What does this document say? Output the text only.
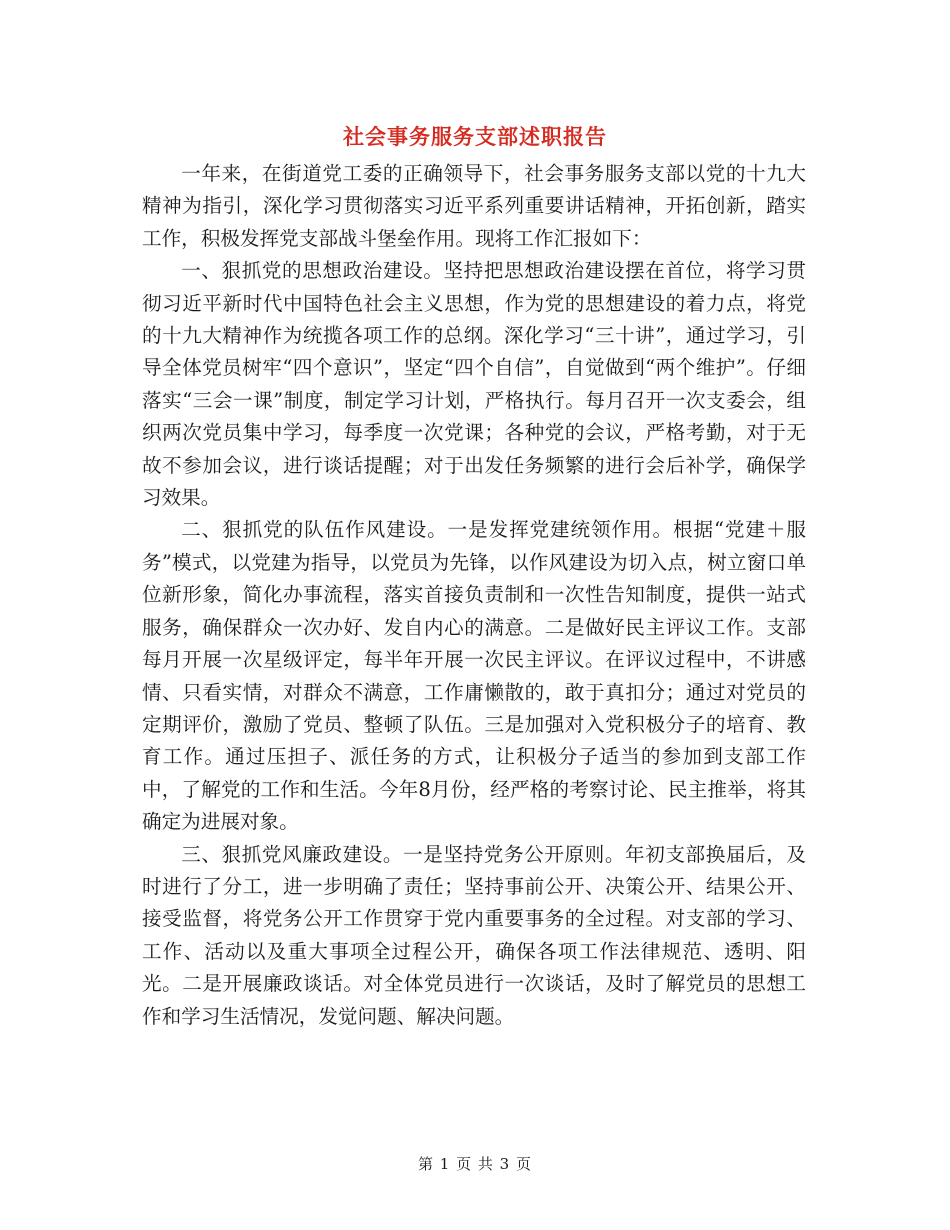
社会事务服务支部述职报告

一年来，在街道党工委的正确领导下，社会事务服务支部以党的十九大精神为指引，深化学习贯彻落实习近平系列重要讲话精神，开拓创新，踏实工作，积极发挥党支部战斗堡垒作用。现将工作汇报如下：

一、狠抓党的思想政治建设。坚持把思想政治建设摆在首位，将学习贯彻习近平新时代中国特色社会主义思想，作为党的思想建设的着力点，将党的十九大精神作为统揽各项工作的总纲。深化学习“三十讲”，通过学习，引导全体党员树牢“四个意识”，坚定“四个自信”，自觉做到“两个维护”。仔细落实“三会一课”制度，制定学习计划，严格执行。每月召开一次支委会，组织两次党员集中学习，每季度一次党课；各种党的会议，严格考勤，对于无故不参加会议，进行谈话提醒；对于出发任务频繁的进行会后补学，确保学习效果。

二、狠抓党的队伍作风建设。一是发挥党建统领作用。根据“党建＋服务”模式，以党建为指导，以党员为先锋，以作风建设为切入点，树立窗口单位新形象，简化办事流程，落实首接负责制和一次性告知制度，提供一站式服务，确保群众一次办好、发自内心的满意。二是做好民主评议工作。支部每月开展一次星级评定，每半年开展一次民主评议。在评议过程中，不讲感情、只看实情，对群众不满意，工作庸懒散的，敢于真扣分；通过对党员的定期评价，激励了党员、整顿了队伍。三是加强对入党积极分子的培育、教育工作。通过压担子、派任务的方式，让积极分子适当的参加到支部工作中，了解党的工作和生活。今年8月份，经严格的考察讨论、民主推举，将其确定为进展对象。

三、狠抓党风廉政建设。一是坚持党务公开原则。年初支部换届后，及时进行了分工，进一步明确了责任；坚持事前公开、决策公开、结果公开、接受监督，将党务公开工作贯穿于党内重要事务的全过程。对支部的学习、工作、活动以及重大事项全过程公开，确保各项工作法律规范、透明、阳光。二是开展廉政谈话。对全体党员进行一次谈话，及时了解党员的思想工作和学习生活情况，发觉问题、解决问题。

第 1 页 共 3 页
